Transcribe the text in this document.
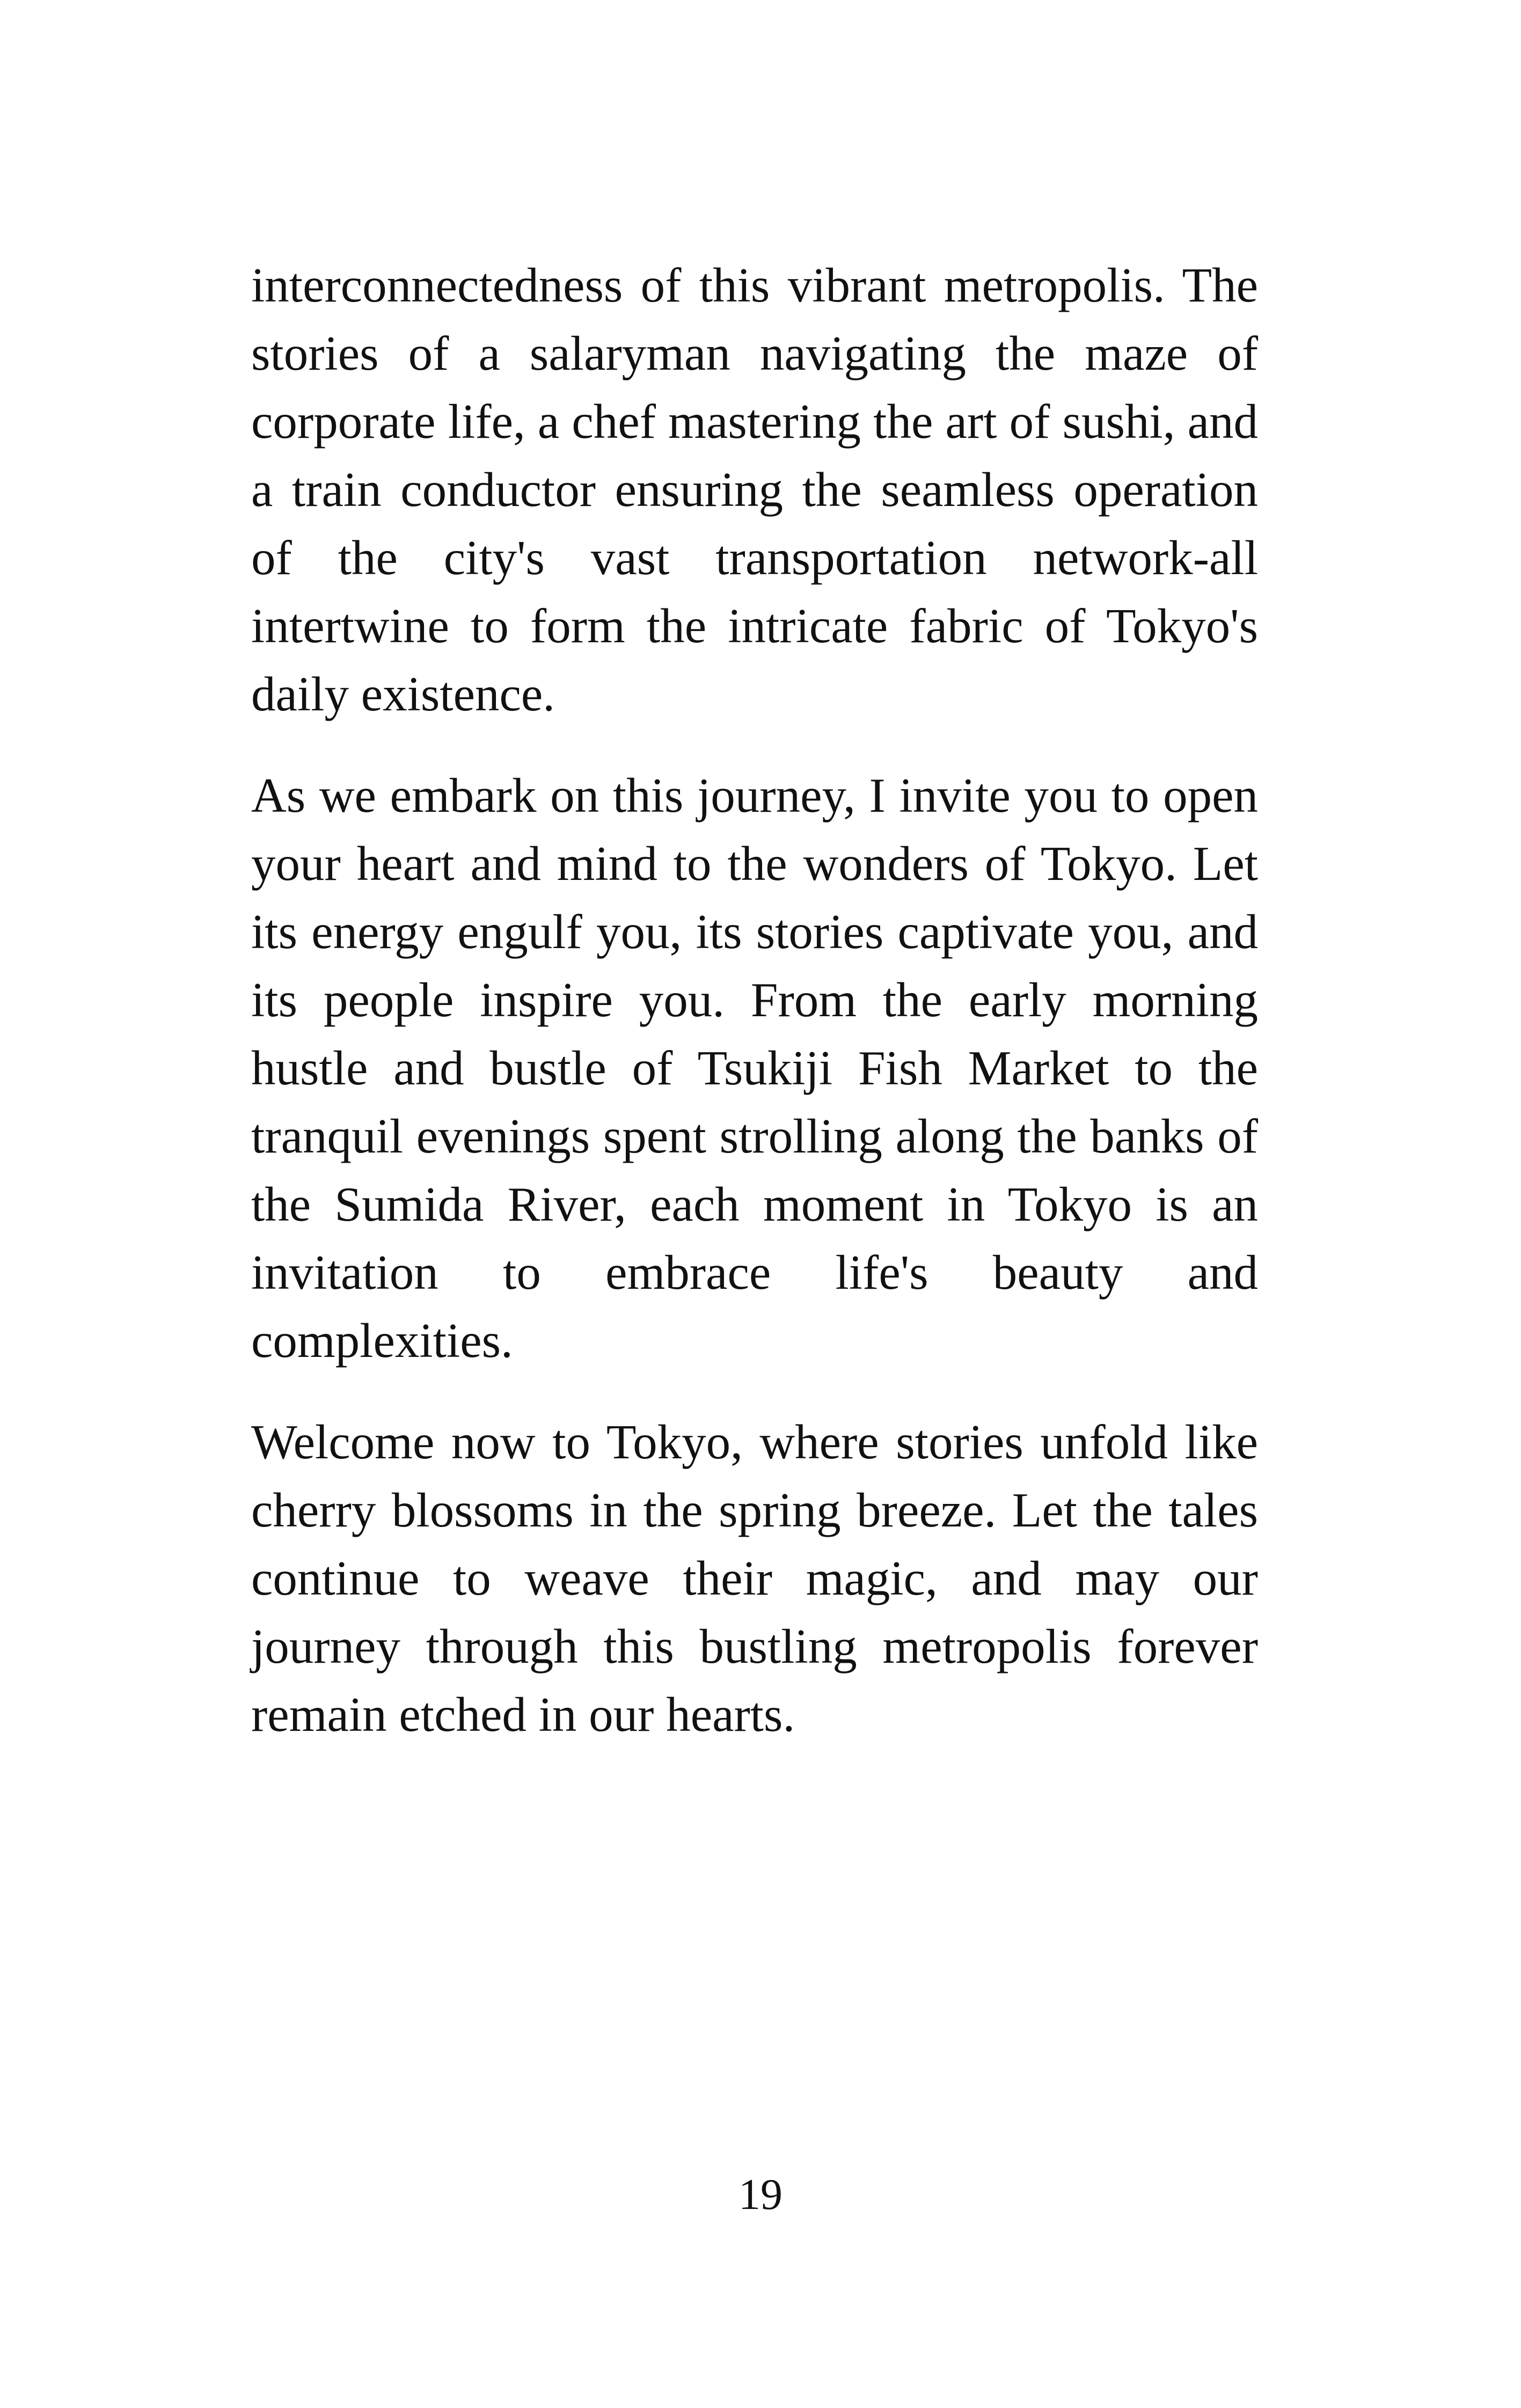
interconnectedness of this vibrant metropolis. The stories of a salaryman navigating the maze of corporate life, a chef mastering the art of sushi, and a train conductor ensuring the seamless operation of the city's vast transportation network-all intertwine to form the intricate fabric of Tokyo's daily existence.

As we embark on this journey, I invite you to open your heart and mind to the wonders of Tokyo. Let its energy engulf you, its stories captivate you, and its people inspire you. From the early morning hustle and bustle of Tsukiji Fish Market to the tranquil evenings spent strolling along the banks of the Sumida River, each moment in Tokyo is an invitation to embrace life's beauty and complexities.

Welcome now to Tokyo, where stories unfold like cherry blossoms in the spring breeze. Let the tales continue to weave their magic, and may our journey through this bustling metropolis forever remain etched in our hearts.

19
